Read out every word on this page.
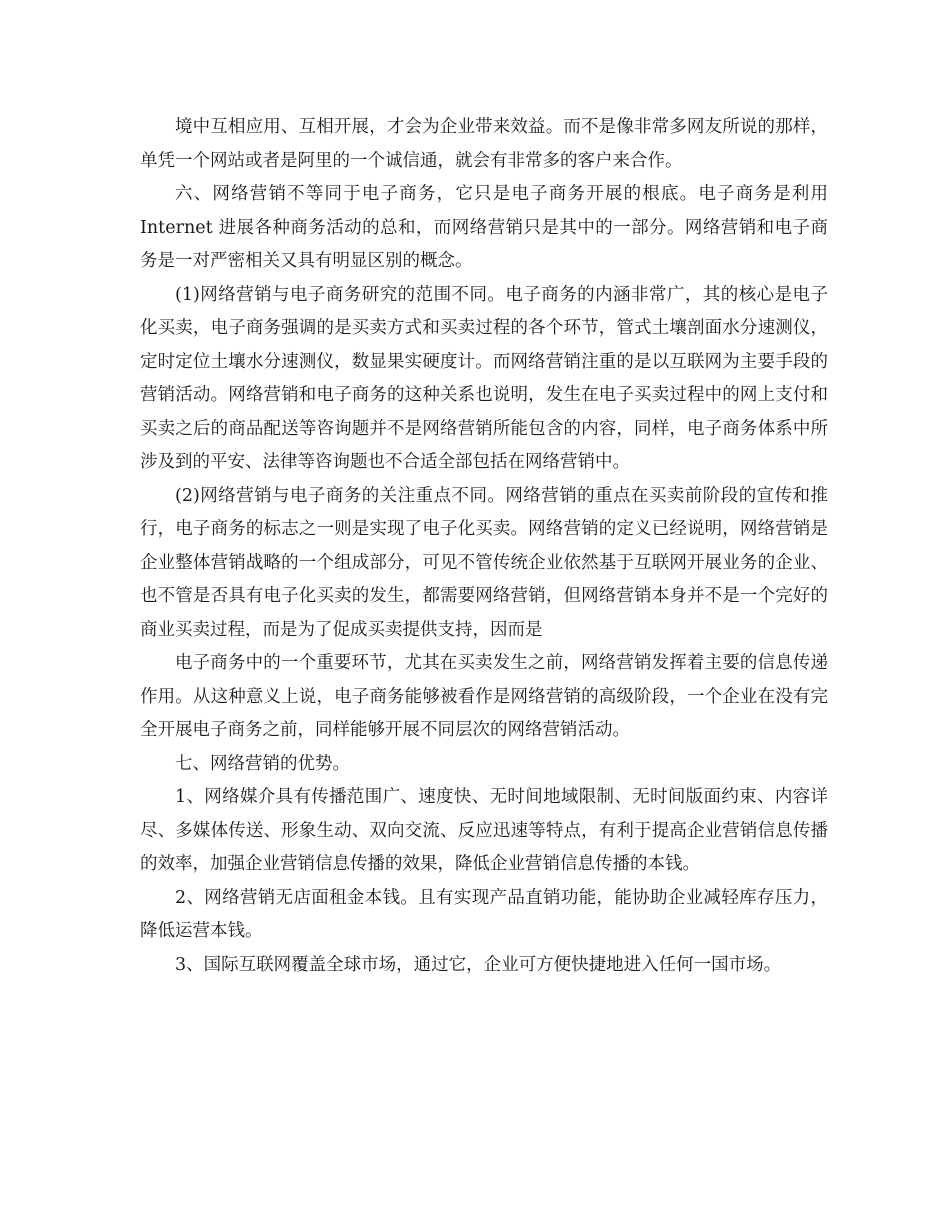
境中互相应用、互相开展，才会为企业带来效益。而不是像非常多网友所说的那样，单凭一个网站或者是阿里的一个诚信通，就会有非常多的客户来合作。

六、网络营销不等同于电子商务，它只是电子商务开展的根底。电子商务是利用 Internet 进展各种商务活动的总和，而网络营销只是其中的一部分。网络营销和电子商务是一对严密相关又具有明显区别的概念。

(1)网络营销与电子商务研究的范围不同。电子商务的内涵非常广，其的核心是电子化买卖，电子商务强调的是买卖方式和买卖过程的各个环节，管式土壤剖面水分速测仪，定时定位土壤水分速测仪，数显果实硬度计。而网络营销注重的是以互联网为主要手段的营销活动。网络营销和电子商务的这种关系也说明，发生在电子买卖过程中的网上支付和买卖之后的商品配送等咨询题并不是网络营销所能包含的内容，同样，电子商务体系中所涉及到的平安、法律等咨询题也不合适全部包括在网络营销中。

(2)网络营销与电子商务的关注重点不同。网络营销的重点在买卖前阶段的宣传和推行，电子商务的标志之一则是实现了电子化买卖。网络营销的定义已经说明，网络营销是企业整体营销战略的一个组成部分，可见不管传统企业依然基于互联网开展业务的企业、也不管是否具有电子化买卖的发生，都需要网络营销，但网络营销本身并不是一个完好的商业买卖过程，而是为了促成买卖提供支持，因而是

电子商务中的一个重要环节，尤其在买卖发生之前，网络营销发挥着主要的信息传递作用。从这种意义上说，电子商务能够被看作是网络营销的高级阶段，一个企业在没有完全开展电子商务之前，同样能够开展不同层次的网络营销活动。

七、网络营销的优势。

1、网络媒介具有传播范围广、速度快、无时间地域限制、无时间版面约束、内容详尽、多媒体传送、形象生动、双向交流、反应迅速等特点，有利于提高企业营销信息传播的效率，加强企业营销信息传播的效果，降低企业营销信息传播的本钱。

2、网络营销无店面租金本钱。且有实现产品直销功能，能协助企业减轻库存压力，降低运营本钱。

3、国际互联网覆盖全球市场，通过它，企业可方便快捷地进入任何一国市场。
